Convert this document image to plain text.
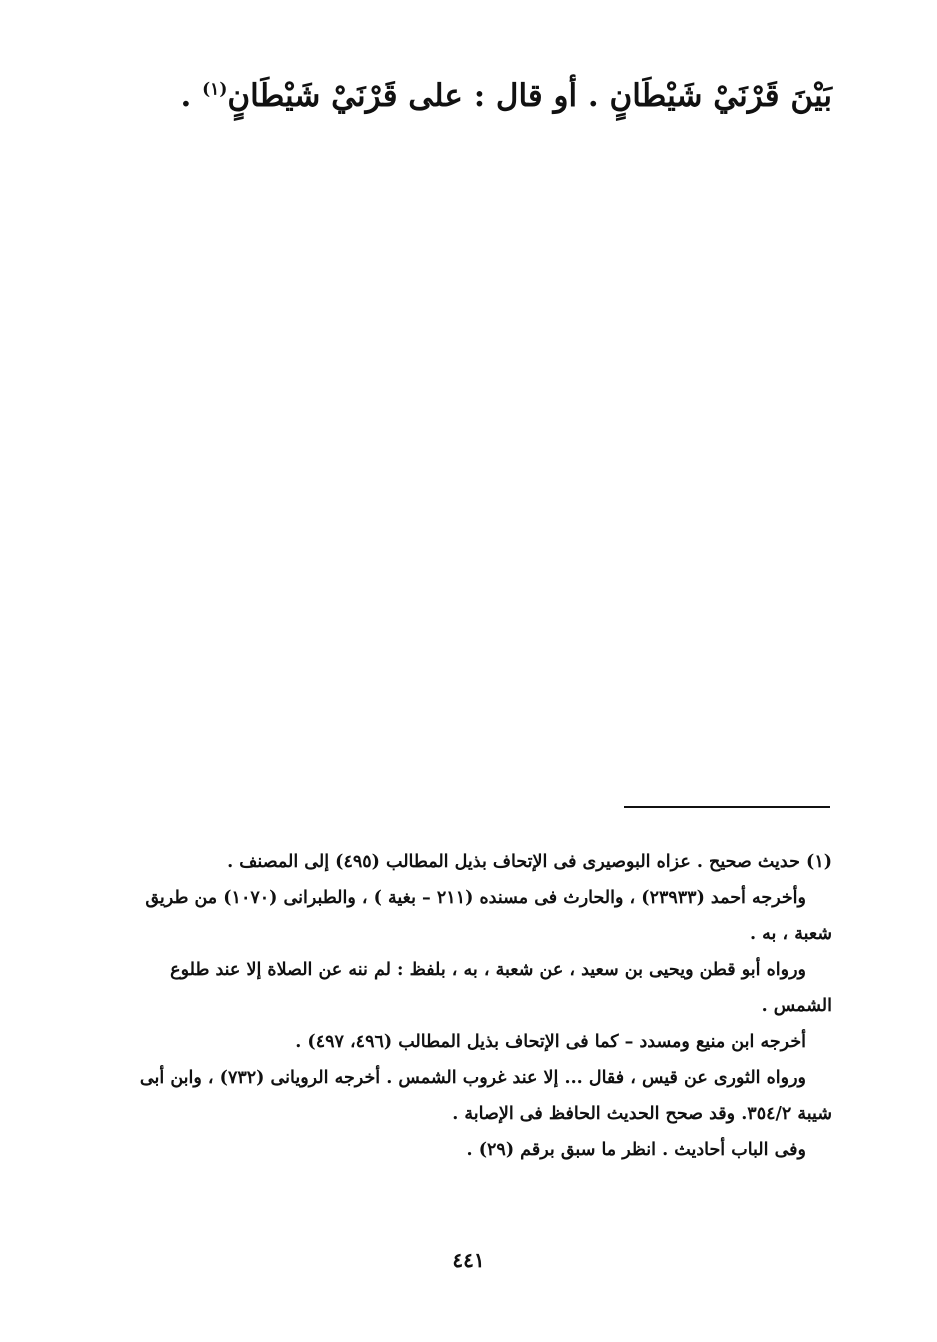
بَيْنَ قَرْنَيْ شَيْطَانٍ . أو قال : على قَرْنَيْ شَيْطَانٍ$^{(١)}$ .

(١) حديث صحيح . عزاه البوصيرى فى الإتحاف بذيل المطالب (٤٩٥) إلى المصنف .

وأخرجه أحمد (٢٣٩٣٣) ، والحارث فى مسنده (٢١١ – بغية ) ، والطبرانى (١٠٧٠) من طريق شعبة ، به .

ورواه أبو قطن ويحيى بن سعيد ، عن شعبة ، به ، بلفظ : لم ننه عن الصلاة إلا عند طلوع الشمس .

أخرجه ابن منيع ومسدد – كما فى الإتحاف بذيل المطالب (٤٩٦، ٤٩٧) .

ورواه الثورى عن قيس ، فقال ... إلا عند غروب الشمس . أخرجه الرويانى (٧٣٢) ، وابن أبى شيبة ٣٥٤/٢. وقد صحح الحديث الحافظ فى الإصابة .

وفى الباب أحاديث . انظر ما سبق برقم (٢٩) .

٤٤١
